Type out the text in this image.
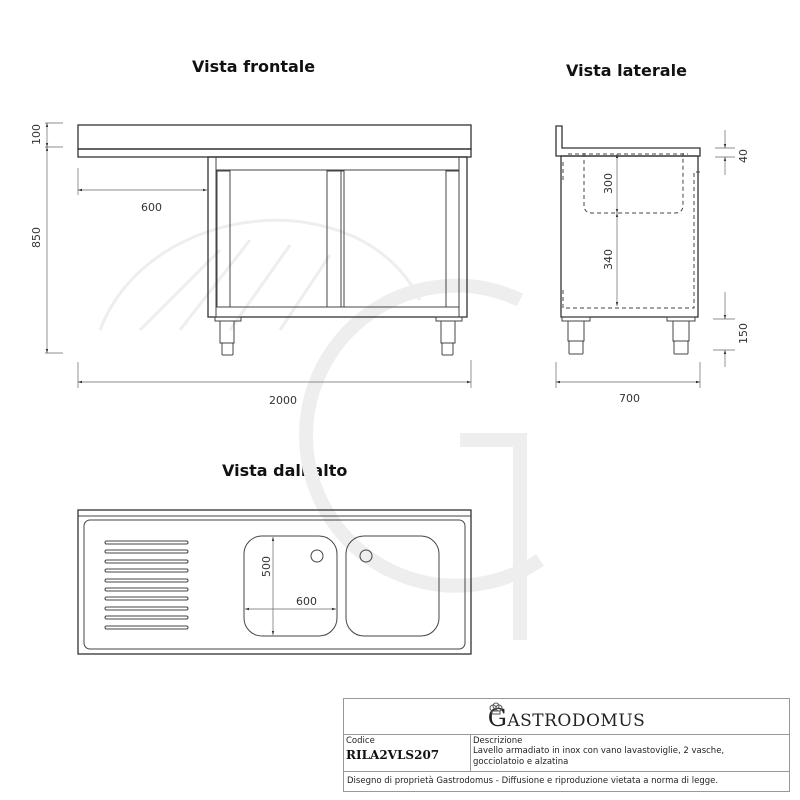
Vista frontale	Vista laterale
Vista dall’alto
100
850
600
2000
40
300
340
150
700
500
600
GASTRODOMUS
Codice
RILA2VLS207
Descrizione
Lavello armadiato in inox con vano lavastoviglie, 2 vasche,
gocciolatoio e alzatina
Disegno di proprietà Gastrodomus - Diffusione e riproduzione vietata a norma di legge.
